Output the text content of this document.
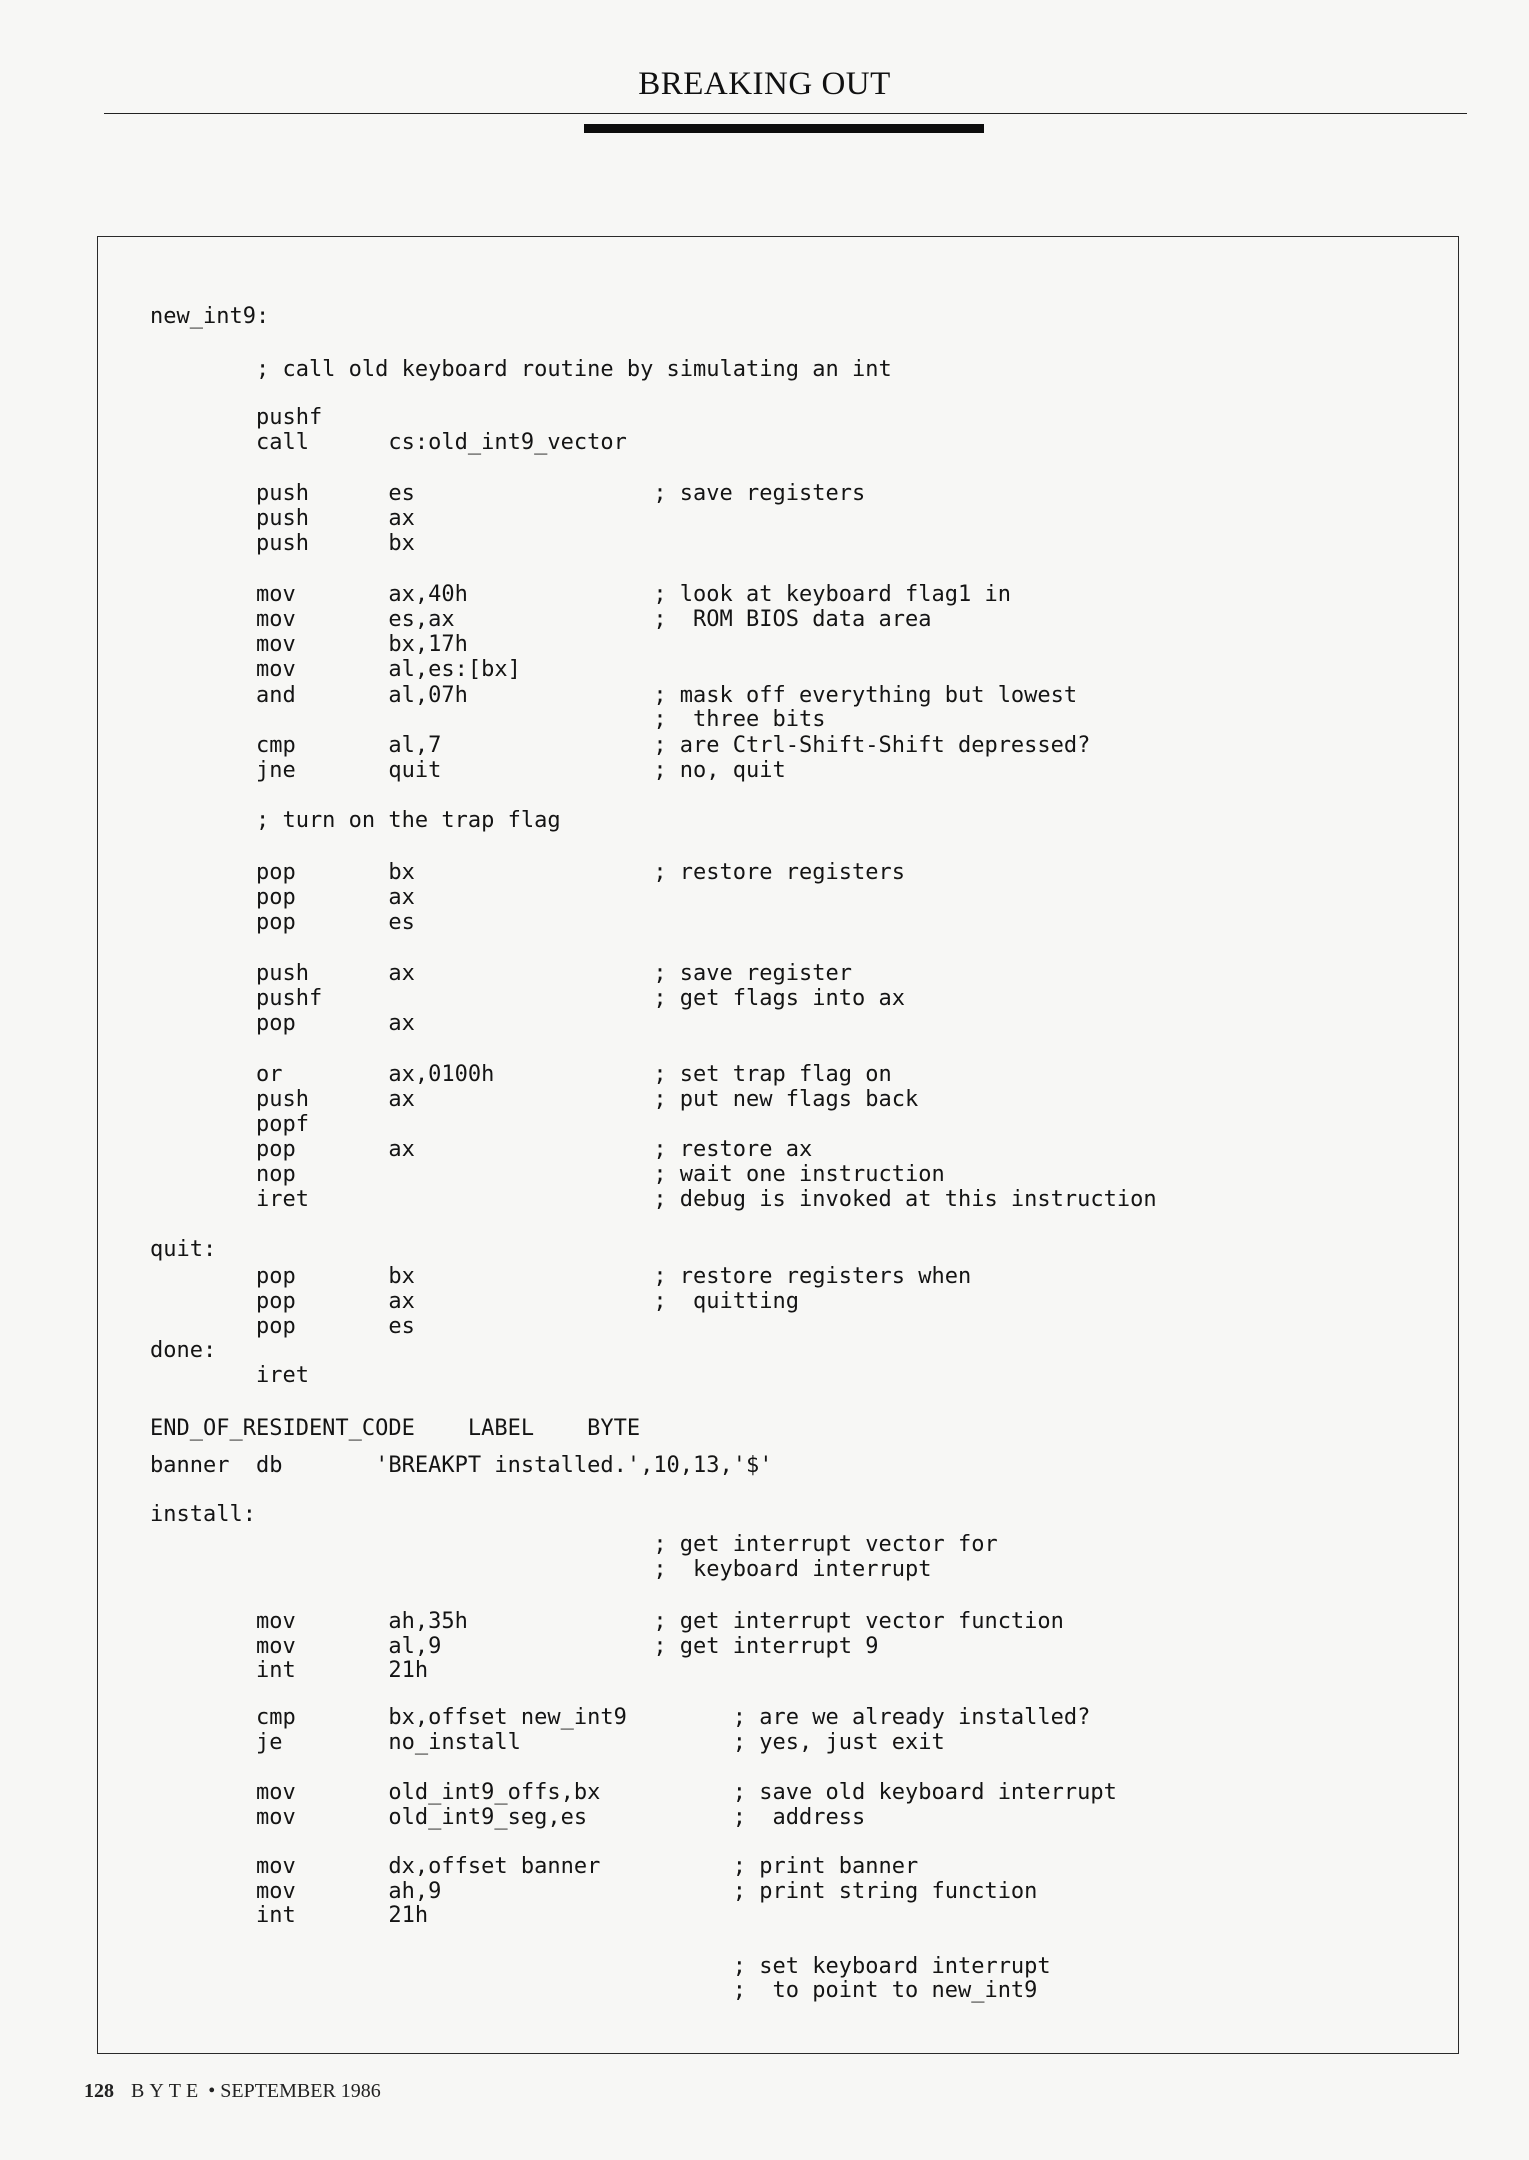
BREAKING OUT
new_int9:
; call old keyboard routine by simulating an int
pushf
call      cs:old_int9_vector
push      es                  ; save registers
push      ax
push      bx
mov       ax,40h              ; look at keyboard flag1 in
mov       es,ax               ;  ROM BIOS data area
mov       bx,17h
mov       al,es:[bx]
and       al,07h              ; mask off everything but lowest
;  three bits
cmp       al,7                ; are Ctrl-Shift-Shift depressed?
jne       quit                ; no, quit
; turn on the trap flag
pop       bx                  ; restore registers
pop       ax
pop       es
push      ax                  ; save register
pushf                         ; get flags into ax
pop       ax
or        ax,0100h            ; set trap flag on
push      ax                  ; put new flags back
popf
pop       ax                  ; restore ax
nop                           ; wait one instruction
iret                          ; debug is invoked at this instruction
quit:
pop       bx                  ; restore registers when
pop       ax                  ;  quitting
pop       es
done:
iret
END_OF_RESIDENT_CODE    LABEL    BYTE
banner  db       'BREAKPT installed.',10,13,'$'
install:
; get interrupt vector for
;  keyboard interrupt
mov       ah,35h              ; get interrupt vector function
mov       al,9                ; get interrupt 9
int       21h
cmp       bx,offset new_int9        ; are we already installed?
je        no_install                ; yes, just exit
mov       old_int9_offs,bx          ; save old keyboard interrupt
mov       old_int9_seg,es           ;  address
mov       dx,offset banner          ; print banner
mov       ah,9                      ; print string function
int       21h
; set keyboard interrupt
;  to point to new_int9
128 BYTE • SEPTEMBER 1986
